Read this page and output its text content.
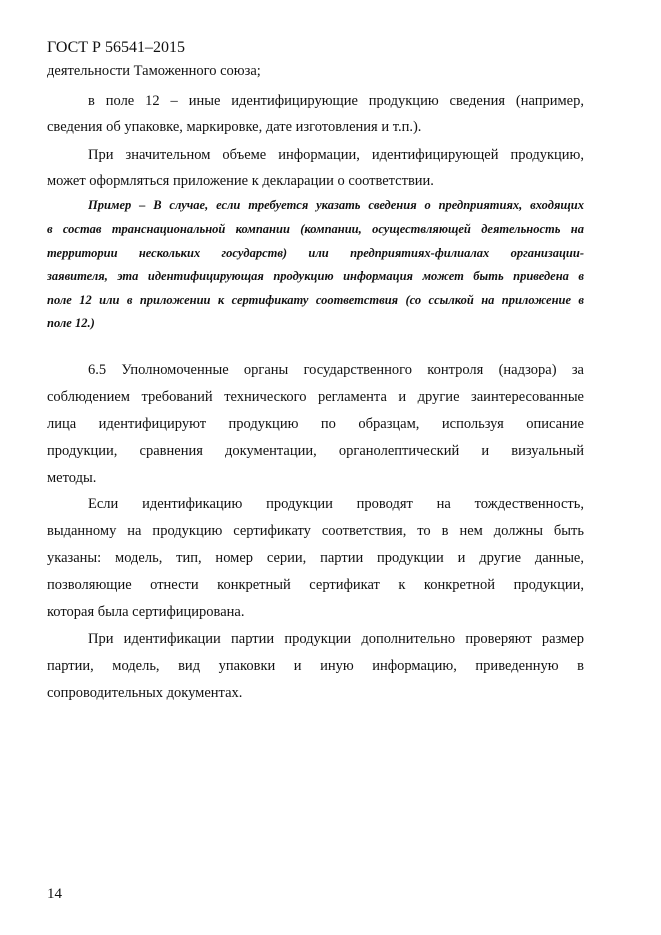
ГОСТ Р 56541–2015
деятельности Таможенного союза;
в поле 12 – иные идентифицирующие продукцию сведения (например,
сведения об упаковке, маркировке, дате изготовления и т.п.).
При значительном объеме информации, идентифицирующей продукцию,
может оформляться приложение к декларации о соответствии.
Пример – В случае, если требуется указать сведения о предприятиях, входящих
в состав транснациональной компании (компании, осуществляющей деятельность на
территории нескольких государств) или предприятиях-филиалах организации-
заявителя, эта идентифицирующая продукцию информация может быть приведена в
поле 12 или в приложении к сертификату соответствия (со ссылкой на приложение в
поле 12.)
6.5 Уполномоченные органы государственного контроля (надзора) за
соблюдением требований технического регламента и другие заинтересованные
лица идентифицируют продукцию по образцам, используя описание
продукции, сравнения документации, органолептический и визуальный
методы.
Если идентификацию продукции проводят на тождественность,
выданному на продукцию сертификату соответствия, то в нем должны быть
указаны: модель, тип, номер серии, партии продукции и другие данные,
позволяющие отнести конкретный сертификат к конкретной продукции,
которая была сертифицирована.
При идентификации партии продукции дополнительно проверяют размер
партии, модель, вид упаковки и иную информацию, приведенную в
сопроводительных документах.
14
